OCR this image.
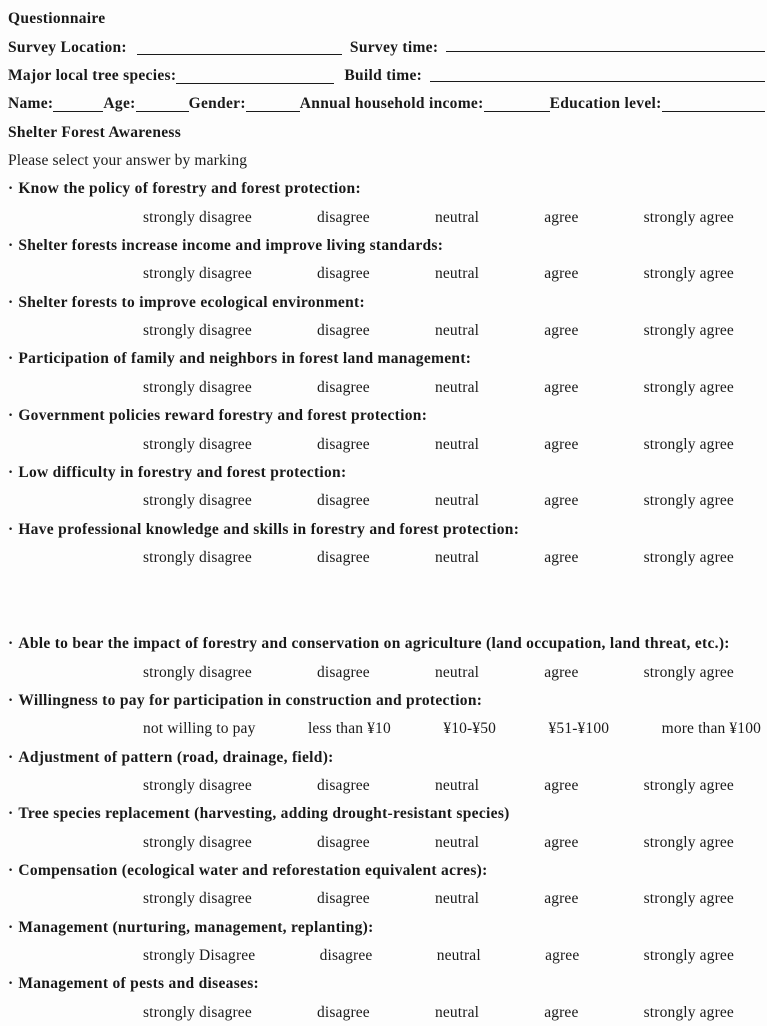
Questionnaire
Survey Location:	Survey time:
Major local tree species:	Build time:
Name:	Age:	Gender:	Annual household income:	Education level:
Shelter Forest Awareness
Please select your answer by marking
· Know the policy of forestry and forest protection:
strongly disagree	disagree	neutral	agree	strongly agree
· Shelter forests increase income and improve living standards:
strongly disagree	disagree	neutral	agree	strongly agree
· Shelter forests to improve ecological environment:
strongly disagree	disagree	neutral	agree	strongly agree
· Participation of family and neighbors in forest land management:
strongly disagree	disagree	neutral	agree	strongly agree
· Government policies reward forestry and forest protection:
strongly disagree	disagree	neutral	agree	strongly agree
· Low difficulty in forestry and forest protection:
strongly disagree	disagree	neutral	agree	strongly agree
· Have professional knowledge and skills in forestry and forest protection:
strongly disagree	disagree	neutral	agree	strongly agree
· Able to bear the impact of forestry and conservation on agriculture (land occupation, land threat, etc.):
strongly disagree	disagree	neutral	agree	strongly agree
· Willingness to pay for participation in construction and protection:
not willing to pay	less than ¥10	¥10-¥50	¥51-¥100	more than ¥100
· Adjustment of pattern (road, drainage, field):
strongly disagree	disagree	neutral	agree	strongly agree
· Tree species replacement (harvesting, adding drought-resistant species)
strongly disagree	disagree	neutral	agree	strongly agree
· Compensation (ecological water and reforestation equivalent acres):
strongly disagree	disagree	neutral	agree	strongly agree
· Management (nurturing, management, replanting):
strongly Disagree	disagree	neutral	agree	strongly agree
· Management of pests and diseases:
strongly disagree	disagree	neutral	agree	strongly agree
